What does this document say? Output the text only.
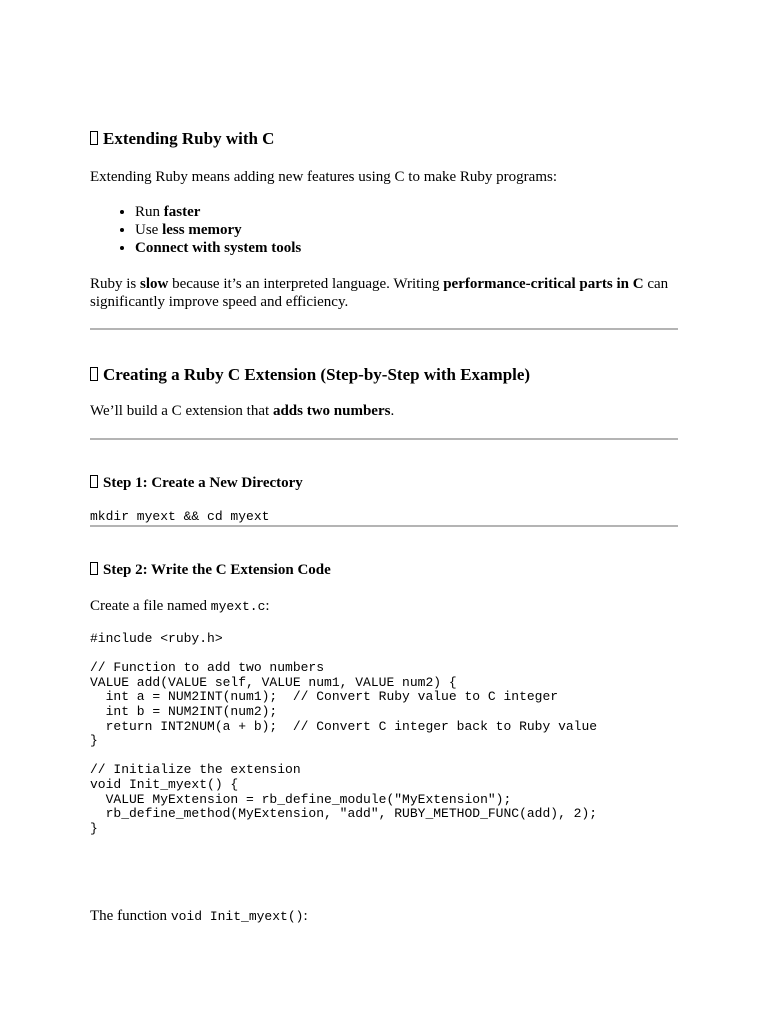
Extending Ruby with C

Extending Ruby means adding new features using C to make Ruby programs:

• Run faster
• Use less memory
• Connect with system tools

Ruby is slow because it’s an interpreted language. Writing performance-critical parts in C can significantly improve speed and efficiency.

Creating a Ruby C Extension (Step-by-Step with Example)

We’ll build a C extension that adds two numbers.

Step 1: Create a New Directory
mkdir myext && cd myext
Step 2: Write the C Extension Code

Create a file named myext.c:

#include <ruby.h>

// Function to add two numbers
VALUE add(VALUE self, VALUE num1, VALUE num2) {
int a = NUM2INT(num1);  // Convert Ruby value to C integer
int b = NUM2INT(num2);
return INT2NUM(a + b);  // Convert C integer back to Ruby value
}

// Initialize the extension
void Init_myext() {
VALUE MyExtension = rb_define_module("MyExtension");
rb_define_method(MyExtension, "add", RUBY_METHOD_FUNC(add), 2);
}

The function void Init_myext():
